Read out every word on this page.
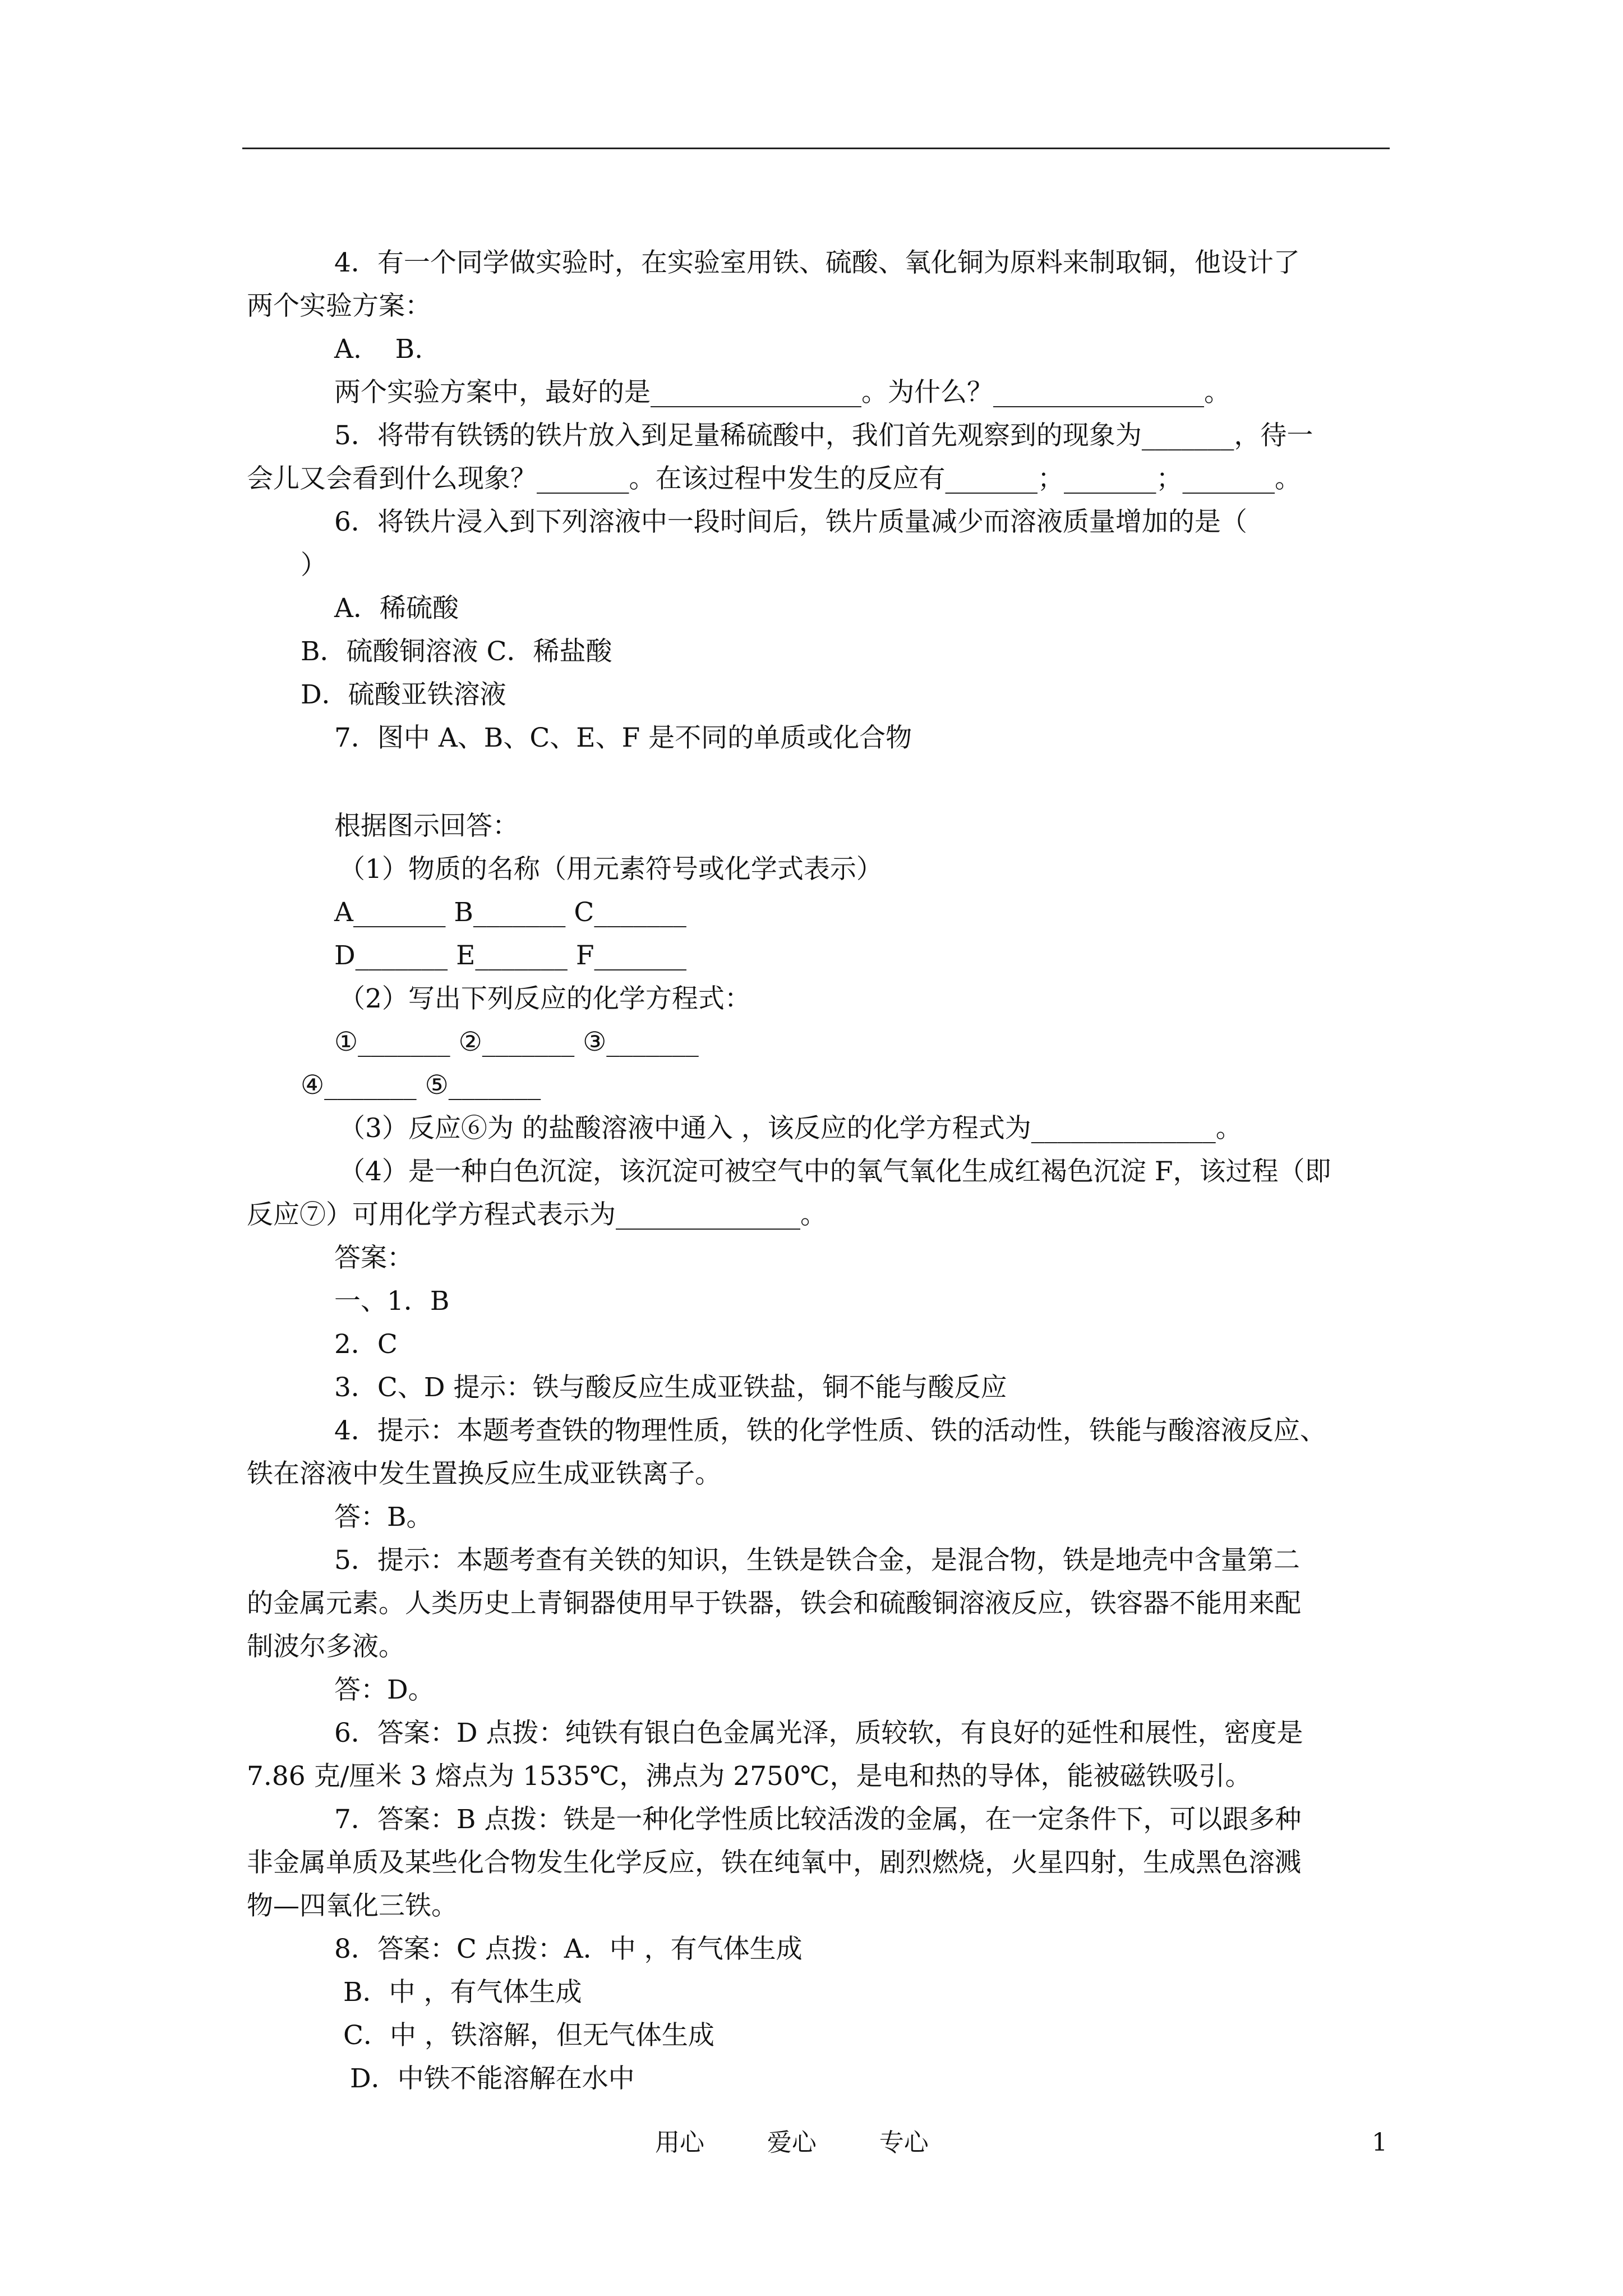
4．有一个同学做实验时，在实验室用铁、硫酸、氧化铜为原料来制取铜，他设计了
两个实验方案：
A.    B.
两个实验方案中，最好的是________________。为什么？________________。
5．将带有铁锈的铁片放入到足量稀硫酸中，我们首先观察到的现象为_______，待一
会儿又会看到什么现象？_______。在该过程中发生的反应有_______；_______；_______。
6．将铁片浸入到下列溶液中一段时间后，铁片质量减少而溶液质量增加的是（
）
A．稀硫酸
B．硫酸铜溶液 C．稀盐酸
D．硫酸亚铁溶液
7．图中 A、B、C、E、F 是不同的单质或化合物
根据图示回答：
（1）物质的名称（用元素符号或化学式表示）
A_______ B_______ C_______
D_______ E_______ F_______
（2）写出下列反应的化学方程式：
①_______ ②_______ ③_______
④_______ ⑤_______
（3）反应⑥为 的盐酸溶液中通入 ，该反应的化学方程式为______________。
（4）是一种白色沉淀，该沉淀可被空气中的氧气氧化生成红褐色沉淀 F，该过程（即
反应⑦）可用化学方程式表示为______________。
答案：
一、1．B
2．C
3．C、D 提示：铁与酸反应生成亚铁盐，铜不能与酸反应
4．提示：本题考查铁的物理性质，铁的化学性质、铁的活动性，铁能与酸溶液反应、
铁在溶液中发生置换反应生成亚铁离子。
答：B。
5．提示：本题考查有关铁的知识，生铁是铁合金，是混合物，铁是地壳中含量第二
的金属元素。人类历史上青铜器使用早于铁器，铁会和硫酸铜溶液反应，铁容器不能用来配
制波尔多液。
答：D。
6．答案：D 点拨：纯铁有银白色金属光泽，质较软，有良好的延性和展性，密度是
7.86 克/厘米 3 熔点为 1535℃，沸点为 2750℃，是电和热的导体，能被磁铁吸引。
7．答案：B 点拨：铁是一种化学性质比较活泼的金属，在一定条件下，可以跟多种
非金属单质及某些化合物发生化学反应，铁在纯氧中，剧烈燃烧，火星四射，生成黑色溶溅
物—四氧化三铁。
8．答案：C 点拨：A．中 ，有气体生成
B．中 ，有气体生成
C．中 ，铁溶解，但无气体生成
D．中铁不能溶解在水中
用心        爱心        专心	1
